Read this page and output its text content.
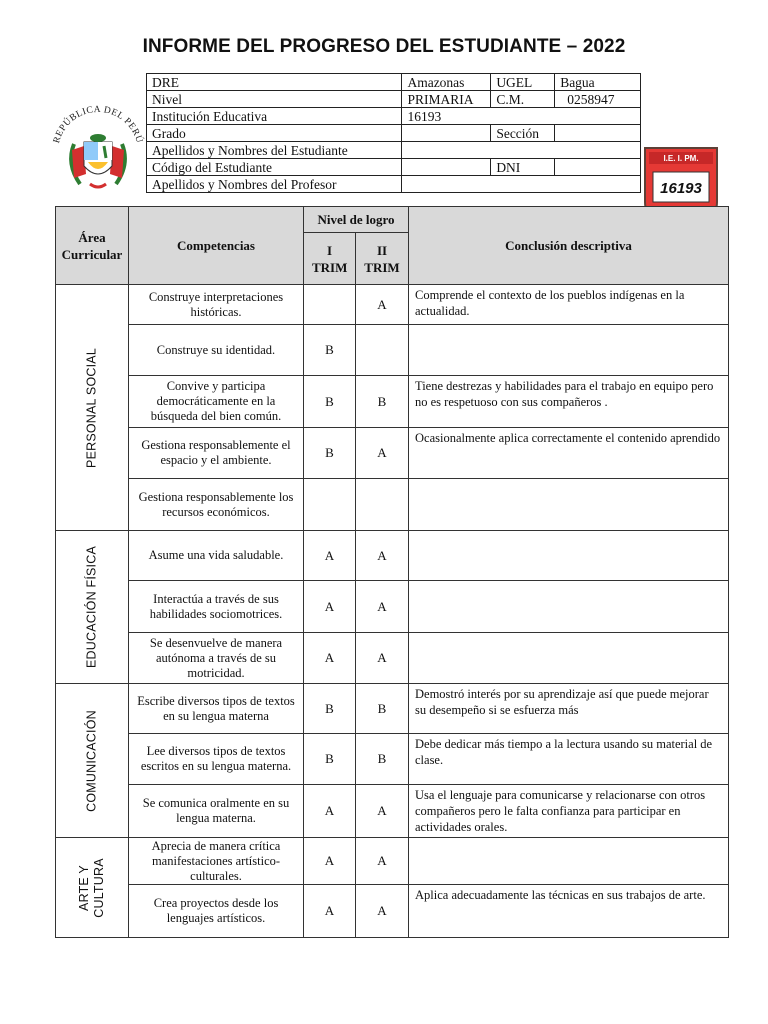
INFORME DEL PROGRESO DEL ESTUDIANTE – 2022
REPÚBLICA DEL PERÚ
I.E. I. PM.
16193
DRE	Amazonas	UGEL	Bagua
Nivel	PRIMARIA	C.M.	0258947
Institución Educativa	16193		
Grado		Sección	
Apellidos y Nombres del Estudiante			
Código del Estudiante		DNI	
Apellidos y Nombres del Profesor			
Área Curricular	Competencias	Nivel de logro		Conclusión descriptiva
		I TRIM	II TRIM	

PERSONAL SOCIAL	Construye interpretaciones históricas.		A	Comprende el contexto de los pueblos indígenas en la actualidad.
	Construye su identidad.	B		
	Convive y participa democráticamente en la búsqueda del bien común.	B	B	Tiene destrezas y habilidades para el trabajo en equipo pero no es respetuoso con sus compañeros .
	Gestiona responsablemente el espacio y el ambiente.	B	A	Ocasionalmente aplica correctamente el contenido aprendido
	Gestiona responsablemente los recursos económicos.			

EDUCACIÓN FÍSICA	Asume una vida saludable.	A	A	
	Interactúa a través de sus habilidades sociomotrices.	A	A	
	Se desenvuelve de manera autónoma a través de su motricidad.	A	A	

COMUNICACIÓN	Escribe diversos tipos de textos en su lengua materna	B	B	Demostró interés por su aprendizaje así que puede mejorar su desempeño si se esfuerza más
	Lee diversos tipos de textos escritos en su lengua materna.	B	B	Debe dedicar más tiempo a la lectura usando su material de clase.
	Se comunica oralmente en su lengua materna.	A	A	Usa el lenguaje para comunicarse y relacionarse con otros compañeros pero le falta confianza para participar en actividades orales.

ARTE Y CULTURA	Aprecia de manera crítica manifestaciones artístico-culturales.	A	A	
	Crea proyectos desde los lenguajes artísticos.	A	A	Aplica adecuadamente las técnicas en sus trabajos de arte.
